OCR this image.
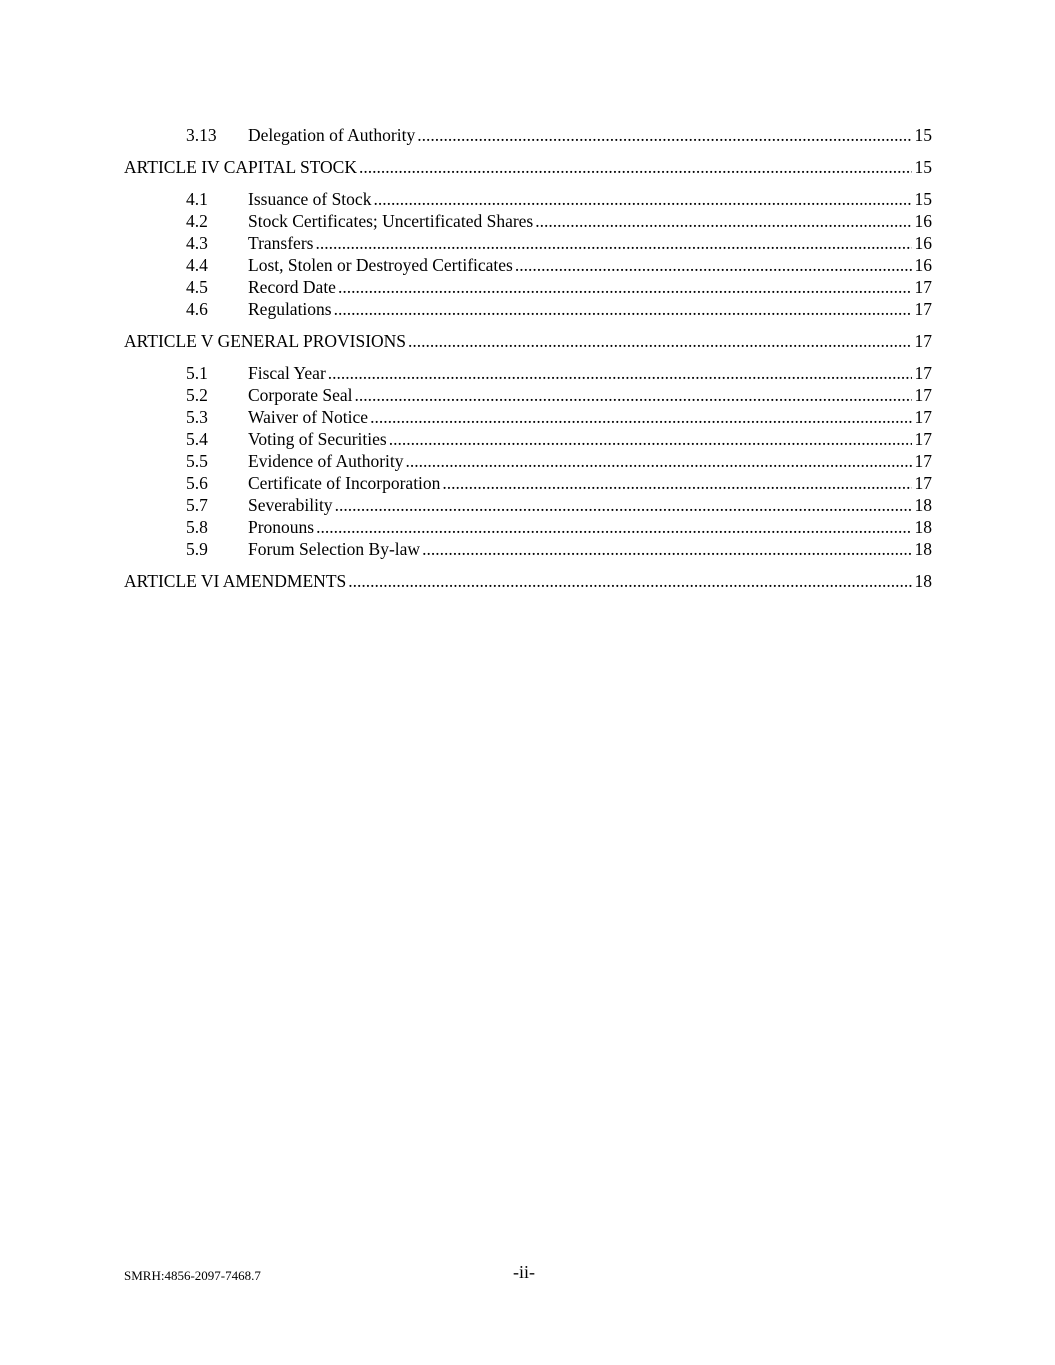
3.13	Delegation of Authority .....	15
ARTICLE IV CAPITAL STOCK .....	15
4.1	Issuance of Stock .....	15
4.2	Stock Certificates; Uncertificated Shares .....	16
4.3	Transfers .....	16
4.4	Lost, Stolen or Destroyed Certificates .....	16
4.5	Record Date .....	17
4.6	Regulations .....	17
ARTICLE V GENERAL PROVISIONS .....	17
5.1	Fiscal Year .....	17
5.2	Corporate Seal .....	17
5.3	Waiver of Notice .....	17
5.4	Voting of Securities .....	17
5.5	Evidence of Authority .....	17
5.6	Certificate of Incorporation .....	17
5.7	Severability .....	18
5.8	Pronouns .....	18
5.9	Forum Selection By-law .....	18
ARTICLE VI AMENDMENTS .....	18
SMRH:4856-2097-7468.7	-ii-
